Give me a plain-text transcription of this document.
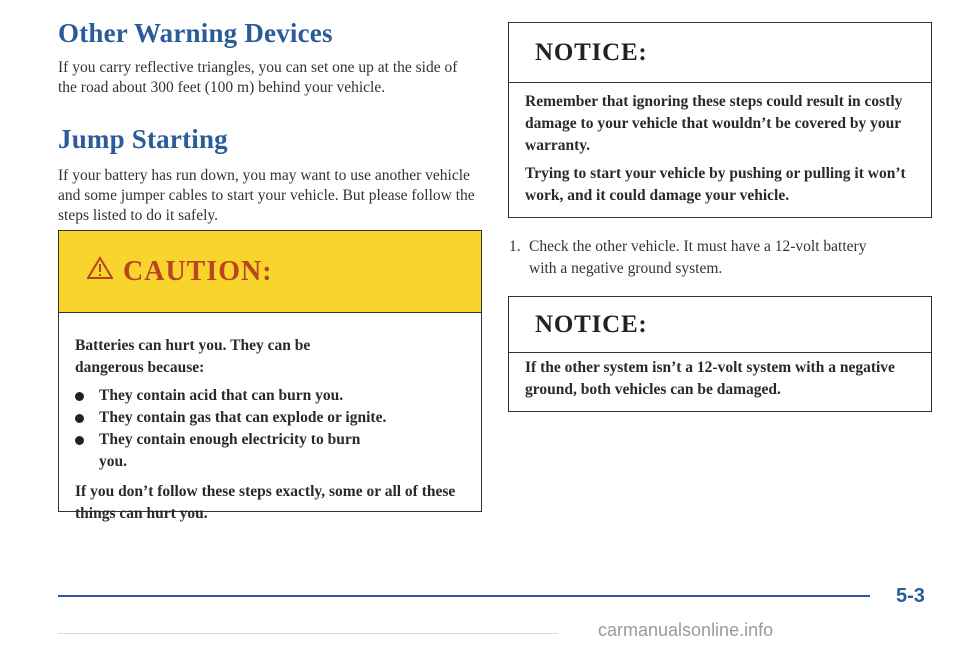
Other Warning Devices

If you carry reflective triangles, you can set one up at the side of the road about 300 feet (100 m) behind your vehicle.

Jump Starting

If your battery has run down, you may want to use another vehicle and some jumper cables to start your vehicle. But please follow the steps listed to do it safely.

CAUTION:

Batteries can hurt you. They can be dangerous because:

They contain acid that can burn you.
They contain gas that can explode or ignite.
They contain enough electricity to burn you.

If you don’t follow these steps exactly, some or all of these things can hurt you.

NOTICE:

Remember that ignoring these steps could result in costly damage to your vehicle that wouldn’t be covered by your warranty.

Trying to start your vehicle by pushing or pulling it won’t work, and it could damage your vehicle.

1. Check the other vehicle. It must have a 12-volt battery with a negative ground system.
NOTICE:

If the other system isn’t a 12-volt system with a negative ground, both vehicles can be damaged.

5-3

carmanualsonline.info
